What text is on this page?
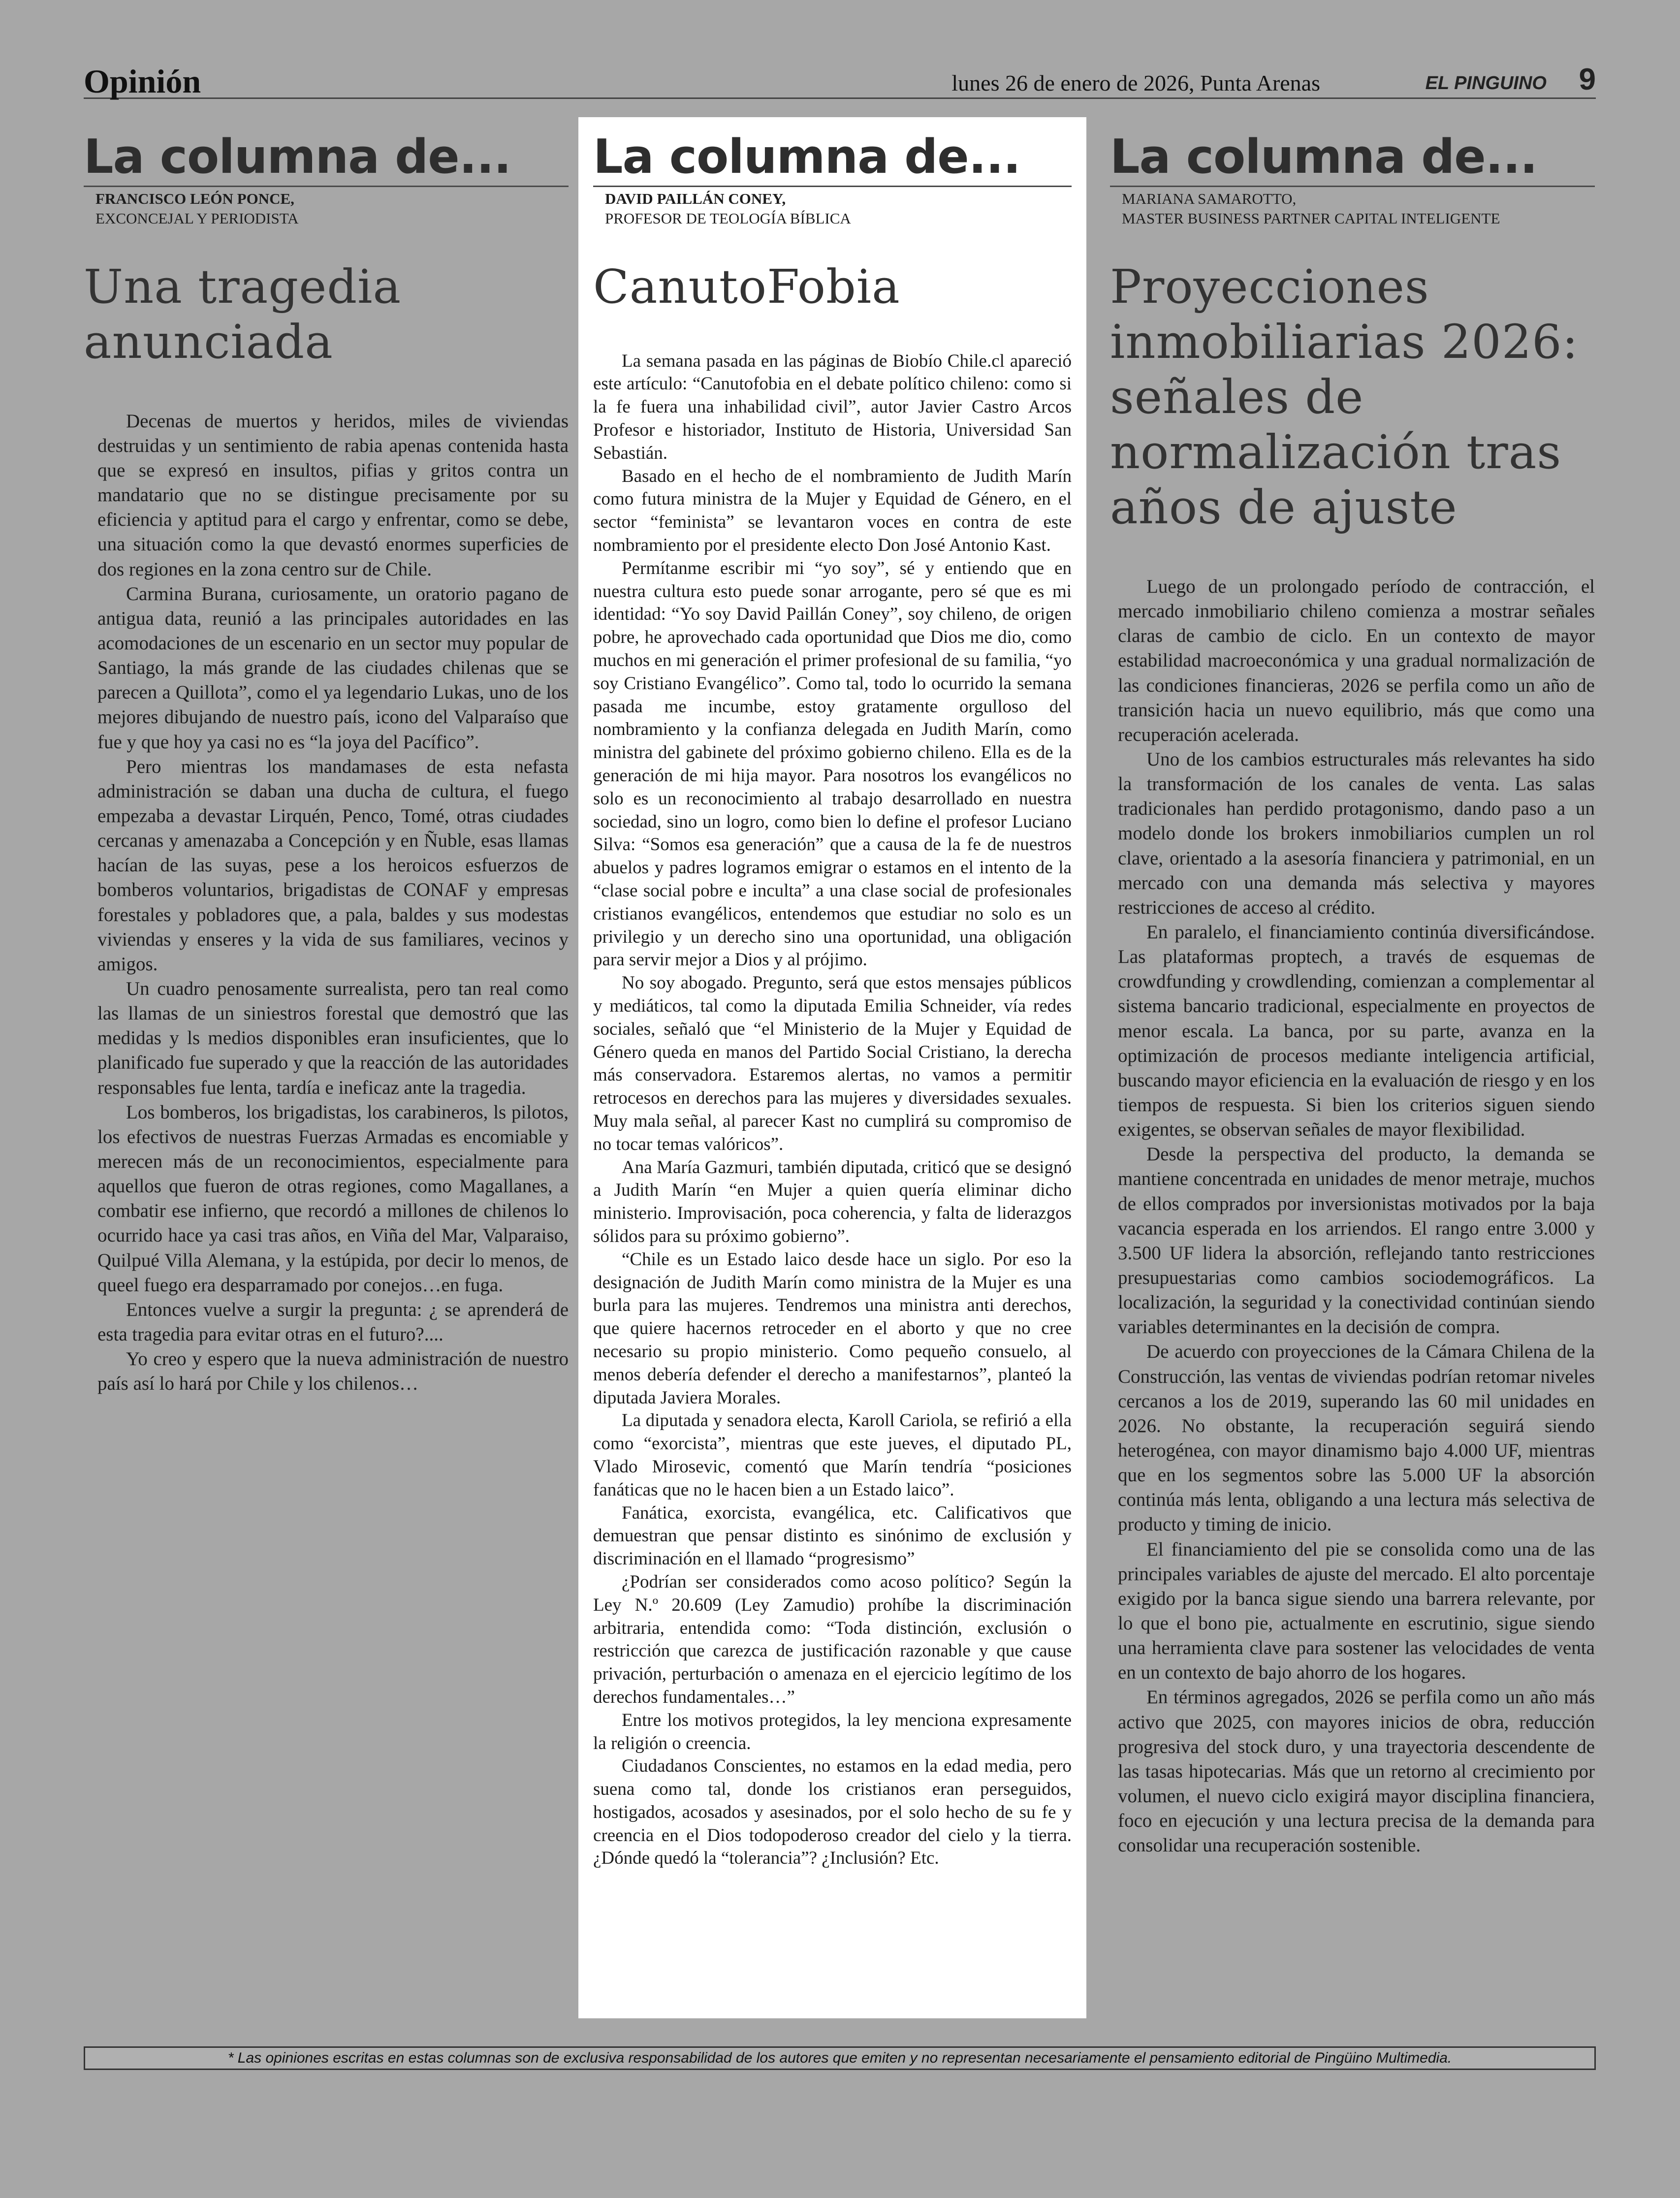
Opinión	lunes 26 de enero de 2026, Punta Arenas	EL PINGUINO 9
La columna de...
FRANCISCO LEÓN PONCE,
EXCONCEJAL Y PERIODISTA
Una tragedia anunciada

Decenas de muertos y heridos, miles de viviendas destruidas y un sentimiento de rabia apenas contenida hasta que se expresó en insultos, pifias y gritos contra un mandatario que no se distingue precisamente por su eficiencia y aptitud para el cargo y enfrentar, como se debe, una situación como la que devastó enormes superficies de dos regiones en la zona centro sur de Chile.

Carmina Burana, curiosamente, un oratorio pagano de antigua data, reunió a las principales autoridades en las acomodaciones de un escenario en un sector muy popular de Santiago, la más grande de las ciudades chilenas que se parecen a Quillota”, como el ya legendario Lukas, uno de los mejores dibujando de nuestro país, icono del Valparaíso que fue y que hoy ya casi no es “la joya del Pacífico”.

Pero mientras los mandamases de esta nefasta administración se daban una ducha de cultura, el fuego empezaba a devastar Lirquén, Penco, Tomé, otras ciudades cercanas y amenazaba a Concepción y en Ñuble, esas llamas hacían de las suyas, pese a los heroicos esfuerzos de bomberos voluntarios, brigadistas de CONAF y empresas forestales y pobladores que, a pala, baldes y sus modestas viviendas y enseres y la vida de sus familiares, vecinos y amigos.

Un cuadro penosamente surrealista, pero tan real como las llamas de un siniestros forestal que demostró que las medidas y ls medios disponibles eran insuficientes, que lo planificado fue superado y que la reacción de las autoridades responsables fue lenta, tardía e ineficaz ante la tragedia.

Los bomberos, los brigadistas, los carabineros, ls pilotos, los efectivos de nuestras Fuerzas Armadas es encomiable y merecen más de un reconocimientos, especialmente para aquellos que fueron de otras regiones, como Magallanes, a combatir ese infierno, que recordó a millones de chilenos lo ocurrido hace ya casi tras años, en Viña del Mar, Valparaiso, Quilpué Villa Alemana, y la estúpida, por decir lo menos, de queel fuego era desparramado por conejos…en fuga.

Entonces vuelve a surgir la pregunta: ¿ se aprenderá de esta tragedia para evitar otras en el futuro?....

Yo creo y espero que la nueva administración de nuestro país así lo hará por Chile y los chilenos…

La columna de...
DAVID PAILLÁN CONEY,
PROFESOR DE TEOLOGÍA BÍBLICA
CanutoFobia

La semana pasada en las páginas de Biobío Chile.cl apareció este artículo: “Canutofobia en el debate político chileno: como si la fe fuera una inhabilidad civil”, autor Javier Castro Arcos Profesor e historiador, Instituto de Historia, Universidad San Sebastián.

Basado en el hecho de el nombramiento de Judith Marín como futura ministra de la Mujer y Equidad de Género, en el sector “feminista” se levantaron voces en contra de este nombramiento por el presidente electo Don José Antonio Kast.

Permítanme escribir mi “yo soy”, sé y entiendo que en nuestra cultura esto puede sonar arrogante, pero sé que es mi identidad: “Yo soy David Paillán Coney”, soy chileno, de origen pobre, he aprovechado cada oportunidad que Dios me dio, como muchos en mi generación el primer profesional de su familia, “yo soy Cristiano Evangélico”. Como tal, todo lo ocurrido la semana pasada me incumbe, estoy gratamente orgulloso del nombramiento y la confianza delegada en Judith Marín, como ministra del gabinete del próximo gobierno chileno. Ella es de la generación de mi hija mayor. Para nosotros los evangélicos no solo es un reconocimiento al trabajo desarrollado en nuestra sociedad, sino un logro, como bien lo define el profesor Luciano Silva: “Somos esa generación” que a causa de la fe de nuestros abuelos y padres logramos emigrar o estamos en el intento de la “clase social pobre e inculta” a una clase social de profesionales cristianos evangélicos, entendemos que estudiar no solo es un privilegio y un derecho sino una oportunidad, una obligación para servir mejor a Dios y al prójimo.

No soy abogado. Pregunto, será que estos mensajes públicos y mediáticos, tal como la diputada Emilia Schneider, vía redes sociales, señaló que “el Ministerio de la Mujer y Equidad de Género queda en manos del Partido Social Cristiano, la derecha más conservadora. Estaremos alertas, no vamos a permitir retrocesos en derechos para las mujeres y diversidades sexuales. Muy mala señal, al parecer Kast no cumplirá su compromiso de no tocar temas valóricos”.

Ana María Gazmuri, también diputada, criticó que se designó a Judith Marín “en Mujer a quien quería eliminar dicho ministerio. Improvisación, poca coherencia, y falta de liderazgos sólidos para su próximo gobierno”.

“Chile es un Estado laico desde hace un siglo. Por eso la designación de Judith Marín como ministra de la Mujer es una burla para las mujeres. Tendremos una ministra anti derechos, que quiere hacernos retroceder en el aborto y que no cree necesario su propio ministerio. Como pequeño consuelo, al menos debería defender el derecho a manifestarnos”, planteó la diputada Javiera Morales.

La diputada y senadora electa, Karoll Cariola, se refirió a ella como “exorcista”, mientras que este jueves, el diputado PL, Vlado Mirosevic, comentó que Marín tendría “posiciones fanáticas que no le hacen bien a un Estado laico”.

Fanática, exorcista, evangélica, etc. Calificativos que demuestran que pensar distinto es sinónimo de exclusión y discriminación en el llamado “progresismo”

¿Podrían ser considerados como acoso político? Según la Ley N.º 20.609 (Ley Zamudio) prohíbe la discriminación arbitraria, entendida como: “Toda distinción, exclusión o restricción que carezca de justificación razonable y que cause privación, perturbación o amenaza en el ejercicio legítimo de los derechos fundamentales…”

Entre los motivos protegidos, la ley menciona expresamente la religión o creencia.

Ciudadanos Conscientes, no estamos en la edad media, pero suena como tal, donde los cristianos eran perseguidos, hostigados, acosados y asesinados, por el solo hecho de su fe y creencia en el Dios todopoderoso creador del cielo y la tierra. ¿Dónde quedó la “tolerancia”? ¿Inclusión? Etc.

La columna de...
MARIANA SAMAROTTO,
MASTER BUSINESS PARTNER CAPITAL INTELIGENTE
Proyecciones inmobiliarias 2026: señales de normalización tras años de ajuste

Luego de un prolongado período de contracción, el mercado inmobiliario chileno comienza a mostrar señales claras de cambio de ciclo. En un contexto de mayor estabilidad macroeconómica y una gradual normalización de las condiciones financieras, 2026 se perfila como un año de transición hacia un nuevo equilibrio, más que como una recuperación acelerada.

Uno de los cambios estructurales más relevantes ha sido la transformación de los canales de venta. Las salas tradicionales han perdido protagonismo, dando paso a un modelo donde los brokers inmobiliarios cumplen un rol clave, orientado a la asesoría financiera y patrimonial, en un mercado con una demanda más selectiva y mayores restricciones de acceso al crédito.

En paralelo, el financiamiento continúa diversificándose. Las plataformas proptech, a través de esquemas de crowdfunding y crowdlending, comienzan a complementar al sistema bancario tradicional, especialmente en proyectos de menor escala. La banca, por su parte, avanza en la optimización de procesos mediante inteligencia artificial, buscando mayor eficiencia en la evaluación de riesgo y en los tiempos de respuesta. Si bien los criterios siguen siendo exigentes, se observan señales de mayor flexibilidad.

Desde la perspectiva del producto, la demanda se mantiene concentrada en unidades de menor metraje, muchos de ellos comprados por inversionistas motivados por la baja vacancia esperada en los arriendos. El rango entre 3.000 y 3.500 UF lidera la absorción, reflejando tanto restricciones presupuestarias como cambios sociodemográficos. La localización, la seguridad y la conectividad continúan siendo variables determinantes en la decisión de compra.

De acuerdo con proyecciones de la Cámara Chilena de la Construcción, las ventas de viviendas podrían retomar niveles cercanos a los de 2019, superando las 60 mil unidades en 2026. No obstante, la recuperación seguirá siendo heterogénea, con mayor dinamismo bajo 4.000 UF, mientras que en los segmentos sobre las 5.000 UF la absorción continúa más lenta, obligando a una lectura más selectiva de producto y timing de inicio.

El financiamiento del pie se consolida como una de las principales variables de ajuste del mercado. El alto porcentaje exigido por la banca sigue siendo una barrera relevante, por lo que el bono pie, actualmente en escrutinio, sigue siendo una herramienta clave para sostener las velocidades de venta en un contexto de bajo ahorro de los hogares.

En términos agregados, 2026 se perfila como un año más activo que 2025, con mayores inicios de obra, reducción progresiva del stock duro, y una trayectoria descendente de las tasas hipotecarias. Más que un retorno al crecimiento por volumen, el nuevo ciclo exigirá mayor disciplina financiera, foco en ejecución y una lectura precisa de la demanda para consolidar una recuperación sostenible.

* Las opiniones escritas en estas columnas son de exclusiva responsabilidad de los autores que emiten y no representan necesariamente el pensamiento editorial de Pingüino Multimedia.
